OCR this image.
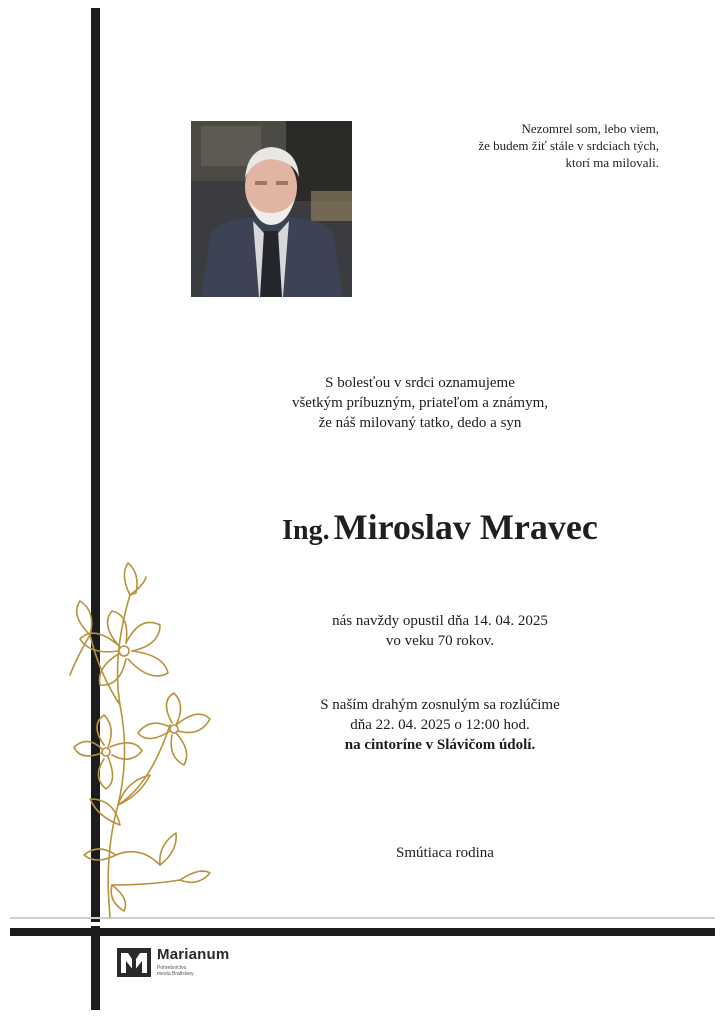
Nezomrel som, lebo viem,
že budem žiť stále v srdciach tých,
ktorí ma milovali.
S bolesťou v srdci oznamujeme
všetkým príbuzným, priateľom a známym,
že náš milovaný tatko, dedo a syn
Ing. Miroslav Mravec
nás navždy opustil dňa 14. 04. 2025
vo veku 70 rokov.
S naším drahým zosnulým sa rozlúčime
dňa 22. 04. 2025 o 12:00 hod.
na cintoríne v Slávičom údolí.
Smútiaca rodina
Marianum
Pohrebníctvo
mesta Bratislavy
